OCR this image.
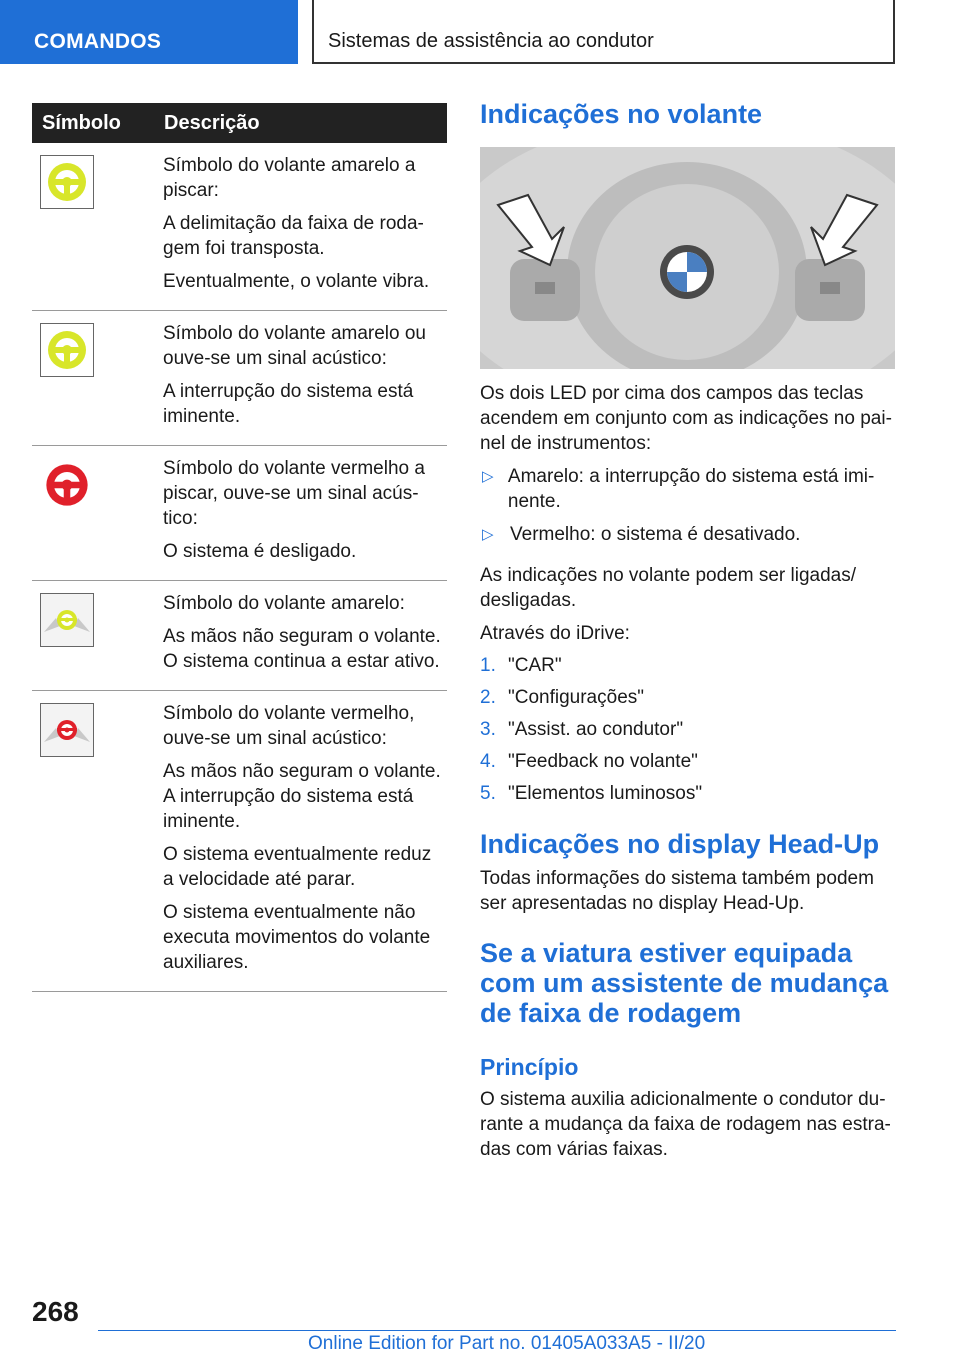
COMANDOS	Sistemas de assistência ao condutor
Símbolo	Descrição

Símbolo do volante amarelo a piscar:

A delimitação da faixa de roda-gem foi transposta.

Eventualmente, o volante vibra.

Símbolo do volante amarelo ou ouve-se um sinal acústico:

A interrupção do sistema está iminente.

Símbolo do volante vermelho a piscar, ouve-se um sinal acús-tico:

O sistema é desligado.

Símbolo do volante amarelo:

As mãos não seguram o volante. O sistema continua a estar ativo.

Símbolo do volante vermelho, ouve-se um sinal acústico:

As mãos não seguram o volante. A interrupção do sistema está iminente.

O sistema eventualmente reduz a velocidade até parar.

O sistema eventualmente não executa movimentos do volante auxiliares.

Indicações no volante

Os dois LED por cima dos campos das teclas acendem em conjunto com as indicações no pai-nel de instrumentos:

▷ Amarelo: a interrupção do sistema está imi-nente.
▷ Vermelho: o sistema é desativado.

As indicações no volante podem ser ligadas/ desligadas.

Através do iDrive:

1. "CAR"
2. "Configurações"
3. "Assist. ao condutor"
4. "Feedback no volante"
5. "Elementos luminosos"
Indicações no display Head-Up

Todas informações do sistema também podem ser apresentadas no display Head-Up.

Se a viatura estiver equipada com um assistente de mudança de faixa de rodagem
Princípio

O sistema auxilia adicionalmente o condutor du-rante a mudança da faixa de rodagem nas estra-das com várias faixas.

268
Online Edition for Part no. 01405A033A5 - II/20
